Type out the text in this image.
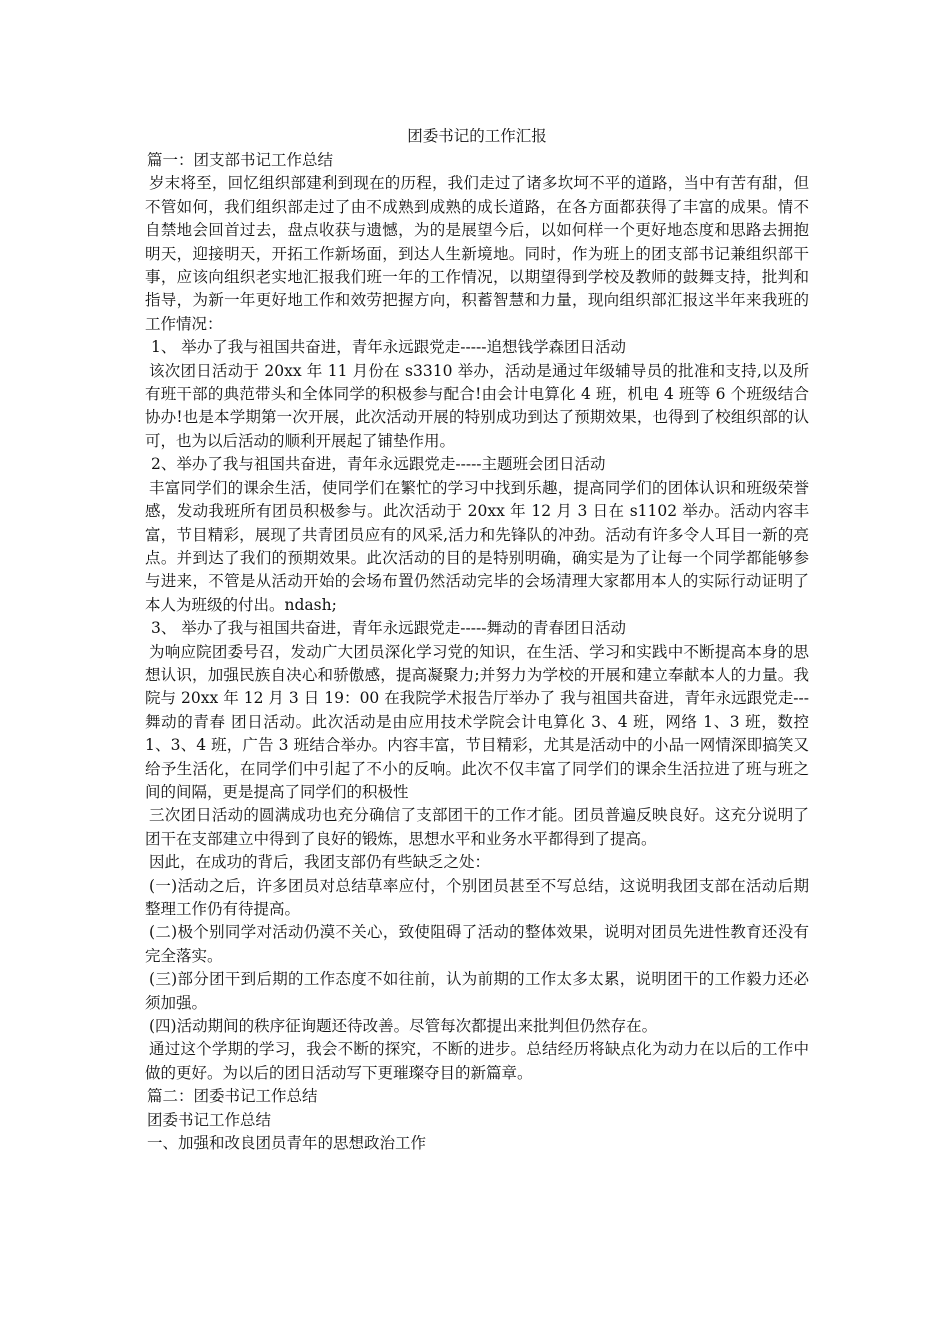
团委书记的工作汇报

篇一：团支部书记工作总结

岁末将至，回忆组织部建利到现在的历程，我们走过了诸多坎坷不平的道路，当中有苦有甜，但不管如何，我们组织部走过了由不成熟到成熟的成长道路，在各方面都获得了丰富的成果。情不自禁地会回首过去，盘点收获与遗憾，为的是展望今后，以如何样一个更好地态度和思路去拥抱明天，迎接明天，开拓工作新场面，到达人生新境地。同时，作为班上的团支部书记兼组织部干事，应该向组织老实地汇报我们班一年的工作情况，以期望得到学校及教师的鼓舞支持，批判和指导，为新一年更好地工作和效劳把握方向，积蓄智慧和力量，现向组织部汇报这半年来我班的工作情况：

1、 举办了我与祖国共奋进，青年永远跟党走-----追想钱学森团日活动

该次团日活动于 20xx 年 11 月份在 s3310 举办，活动是通过年级辅导员的批准和支持,以及所有班干部的典范带头和全体同学的积极参与配合!由会计电算化 4 班，机电 4 班等 6 个班级结合协办!也是本学期第一次开展，此次活动开展的特别成功到达了预期效果，也得到了校组织部的认可，也为以后活动的顺利开展起了铺垫作用。

2、举办了我与祖国共奋进，青年永远跟党走-----主题班会团日活动

丰富同学们的课余生活，使同学们在繁忙的学习中找到乐趣，提高同学们的团体认识和班级荣誉感，发动我班所有团员积极参与。此次活动于 20xx 年 12 月 3 日在 s1102 举办。活动内容丰富，节目精彩，展现了共青团员应有的风采,活力和先锋队的冲劲。活动有许多令人耳目一新的亮点。并到达了我们的预期效果。此次活动的目的是特别明确，确实是为了让每一个同学都能够参与进来，不管是从活动开始的会场布置仍然活动完毕的会场清理大家都用本人的实际行动证明了本人为班级的付出。ndash;

3、 举办了我与祖国共奋进，青年永远跟党走-----舞动的青春团日活动

为响应院团委号召，发动广大团员深化学习党的知识，在生活、学习和实践中不断提高本身的思想认识，加强民族自决心和骄傲感，提高凝聚力;并努力为学校的开展和建立奉献本人的力量。我院与 20xx 年 12 月 3 日 19：00 在我院学术报告厅举办了 我与祖国共奋进，青年永远跟党走---舞动的青春 团日活动。此次活动是由应用技术学院会计电算化 3、4 班，网络 1、3 班，数控 1、3、4 班，广告 3 班结合举办。内容丰富，节目精彩，尤其是活动中的小品一网情深即搞笑又给予生活化，在同学们中引起了不小的反响。此次不仅丰富了同学们的课余生活拉进了班与班之间的间隔，更是提高了同学们的积极性

三次团日活动的圆满成功也充分确信了支部团干的工作才能。团员普遍反映良好。这充分说明了团干在支部建立中得到了良好的锻炼，思想水平和业务水平都得到了提高。

因此，在成功的背后，我团支部仍有些缺乏之处：

(一)活动之后，许多团员对总结草率应付，个别团员甚至不写总结，这说明我团支部在活动后期整理工作仍有待提高。

(二)极个别同学对活动仍漠不关心，致使阻碍了活动的整体效果，说明对团员先进性教育还没有完全落实。

(三)部分团干到后期的工作态度不如往前，认为前期的工作太多太累，说明团干的工作毅力还必须加强。

(四)活动期间的秩序征询题还待改善。尽管每次都提出来批判但仍然存在。

通过这个学期的学习，我会不断的探究，不断的进步。总结经历将缺点化为动力在以后的工作中做的更好。为以后的团日活动写下更璀璨夺目的新篇章。

篇二：团委书记工作总结

团委书记工作总结

一、加强和改良团员青年的思想政治工作
